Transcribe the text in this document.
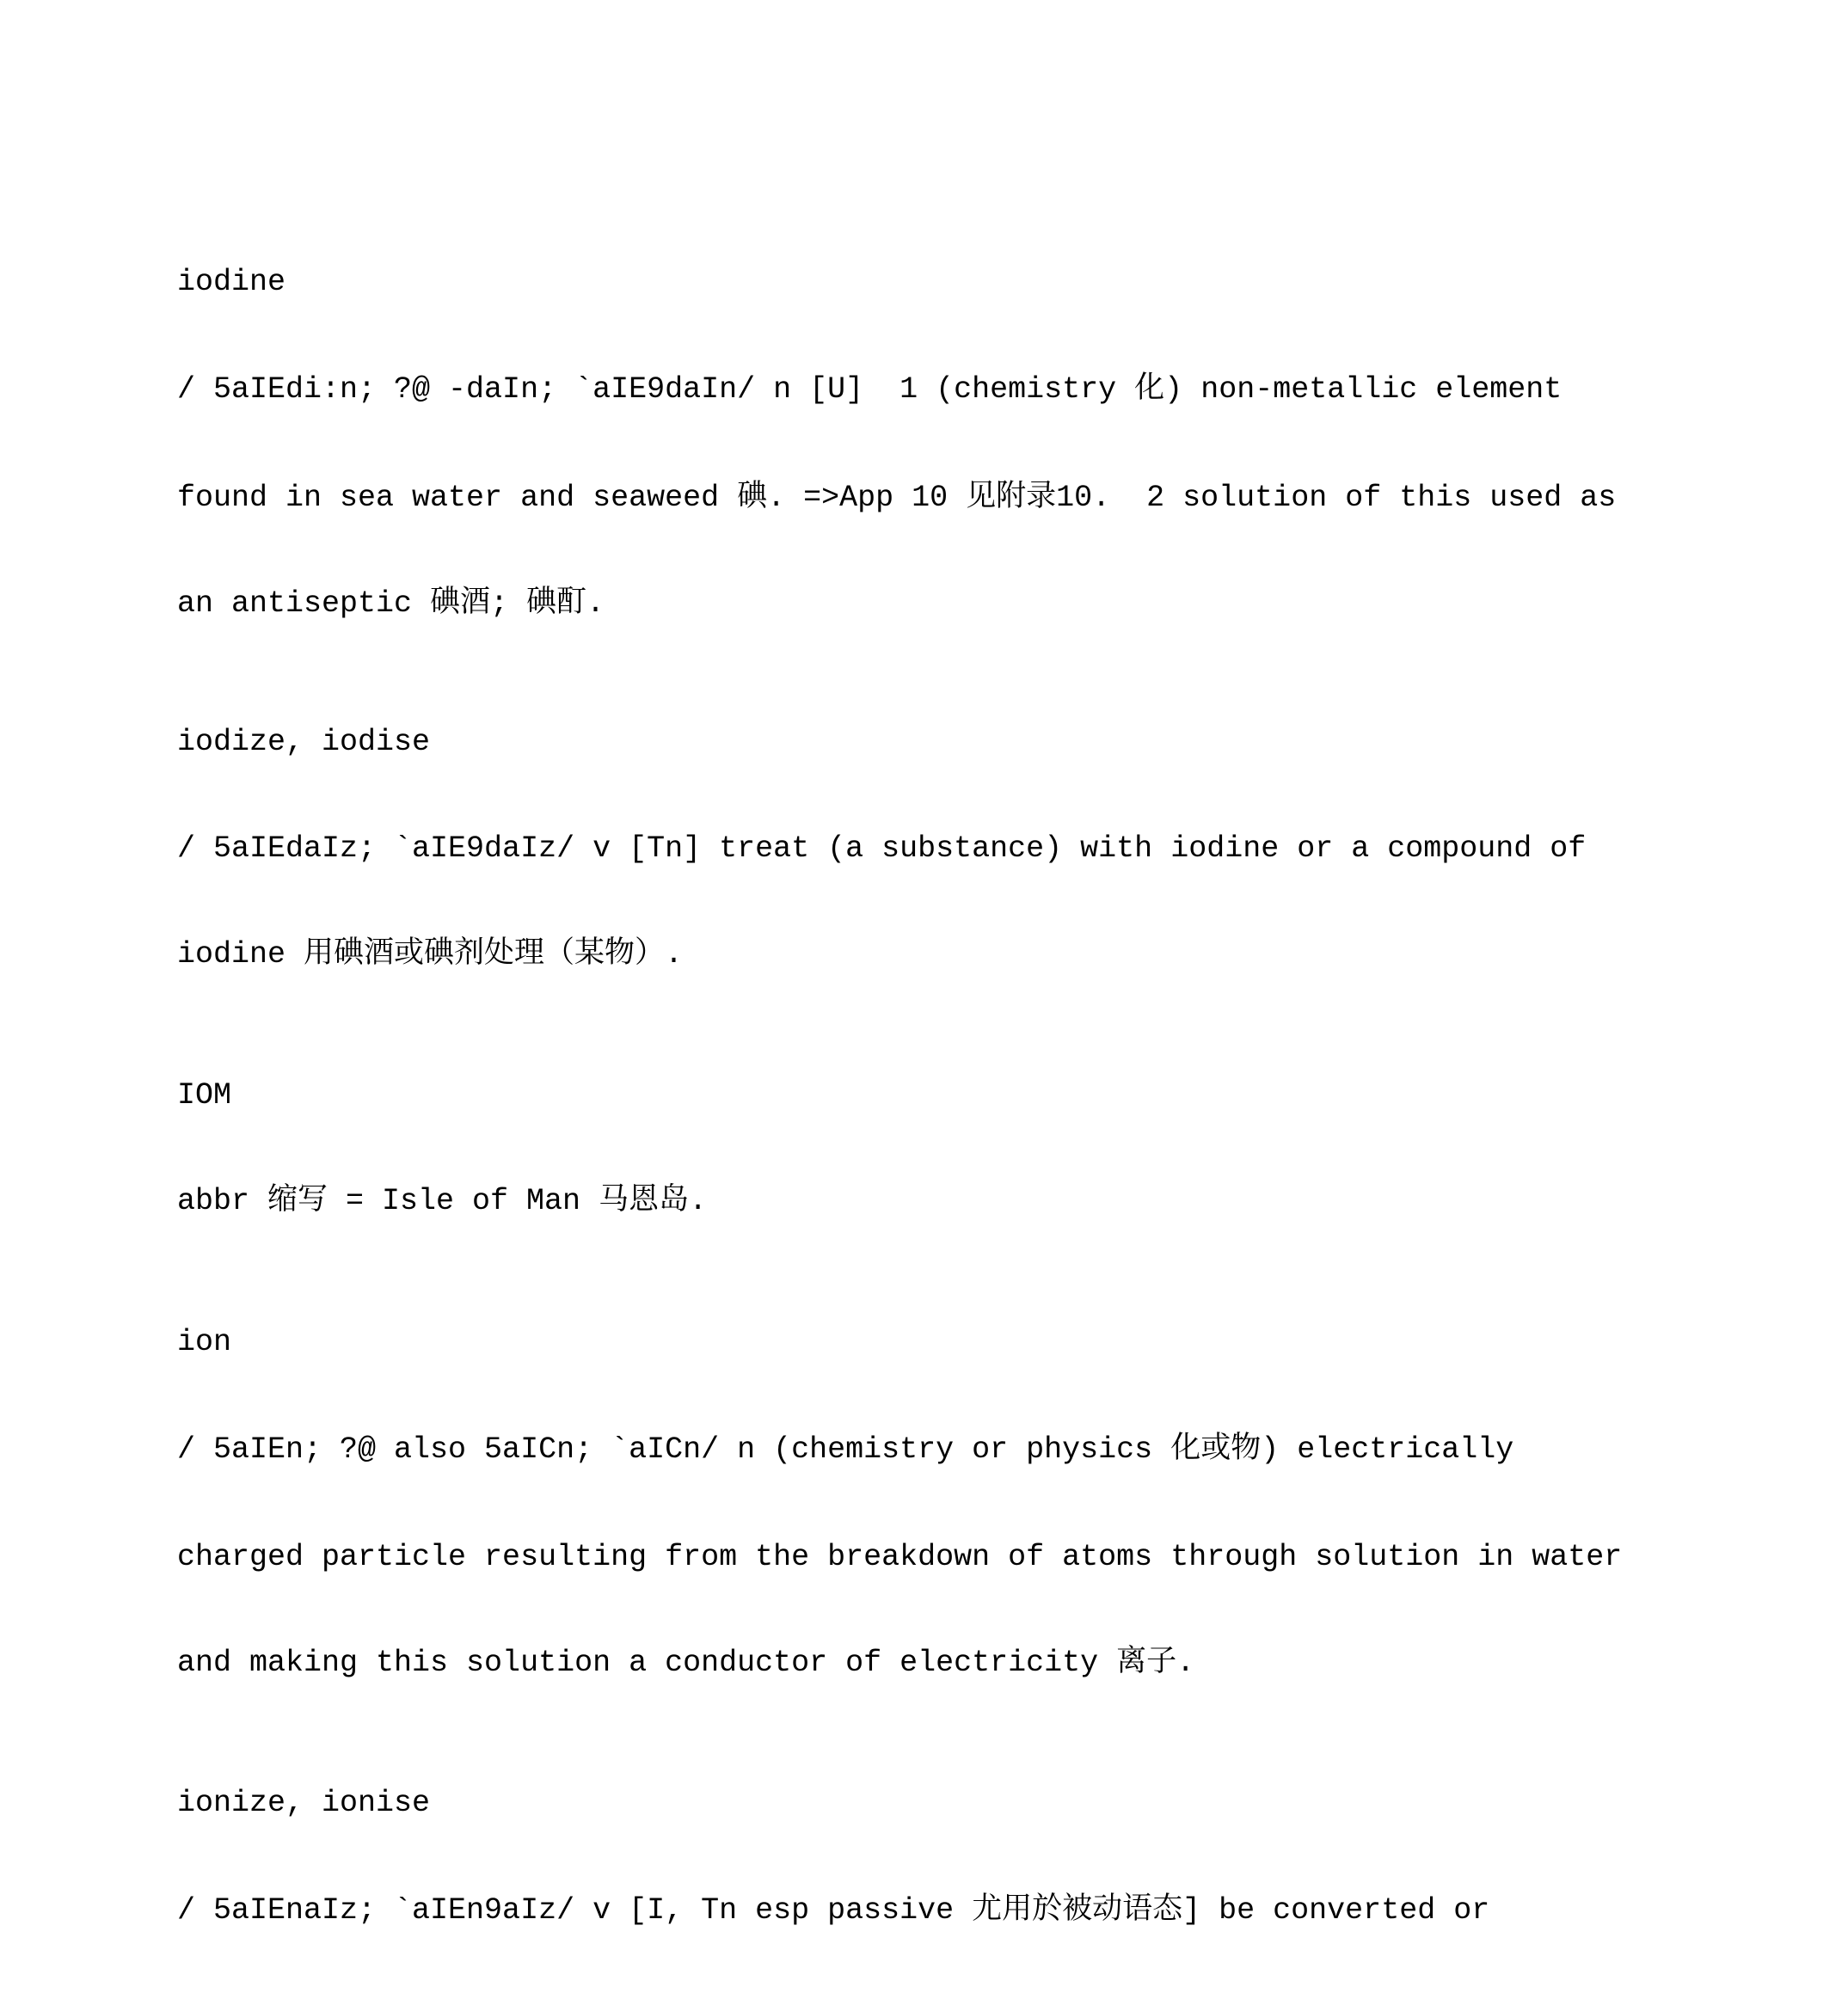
iodine

/ 5aIEdi:n; ?@ -daIn; `aIE9daIn/ n [U]  1 (chemistry 化) non-metallic element

found in sea water and seaweed 碘. =>App 10 见附录10.  2 solution of this used as

an antiseptic 碘酒; 碘酊.

iodize, iodise

/ 5aIEdaIz; `aIE9daIz/ v [Tn] treat (a substance) with iodine or a compound of

iodine 用碘酒或碘剂处理（某物）.

IOM

abbr 缩写 = Isle of Man 马恩岛.

ion

/ 5aIEn; ?@ also 5aICn; `aICn/ n (chemistry or physics 化或物) electrically

charged particle resulting from the breakdown of atoms through solution in water

and making this solution a conductor of electricity 离子.

ionize, ionise

/ 5aIEnaIz; `aIEn9aIz/ v [I, Tn esp passive 尤用於被动语态] be converted or
